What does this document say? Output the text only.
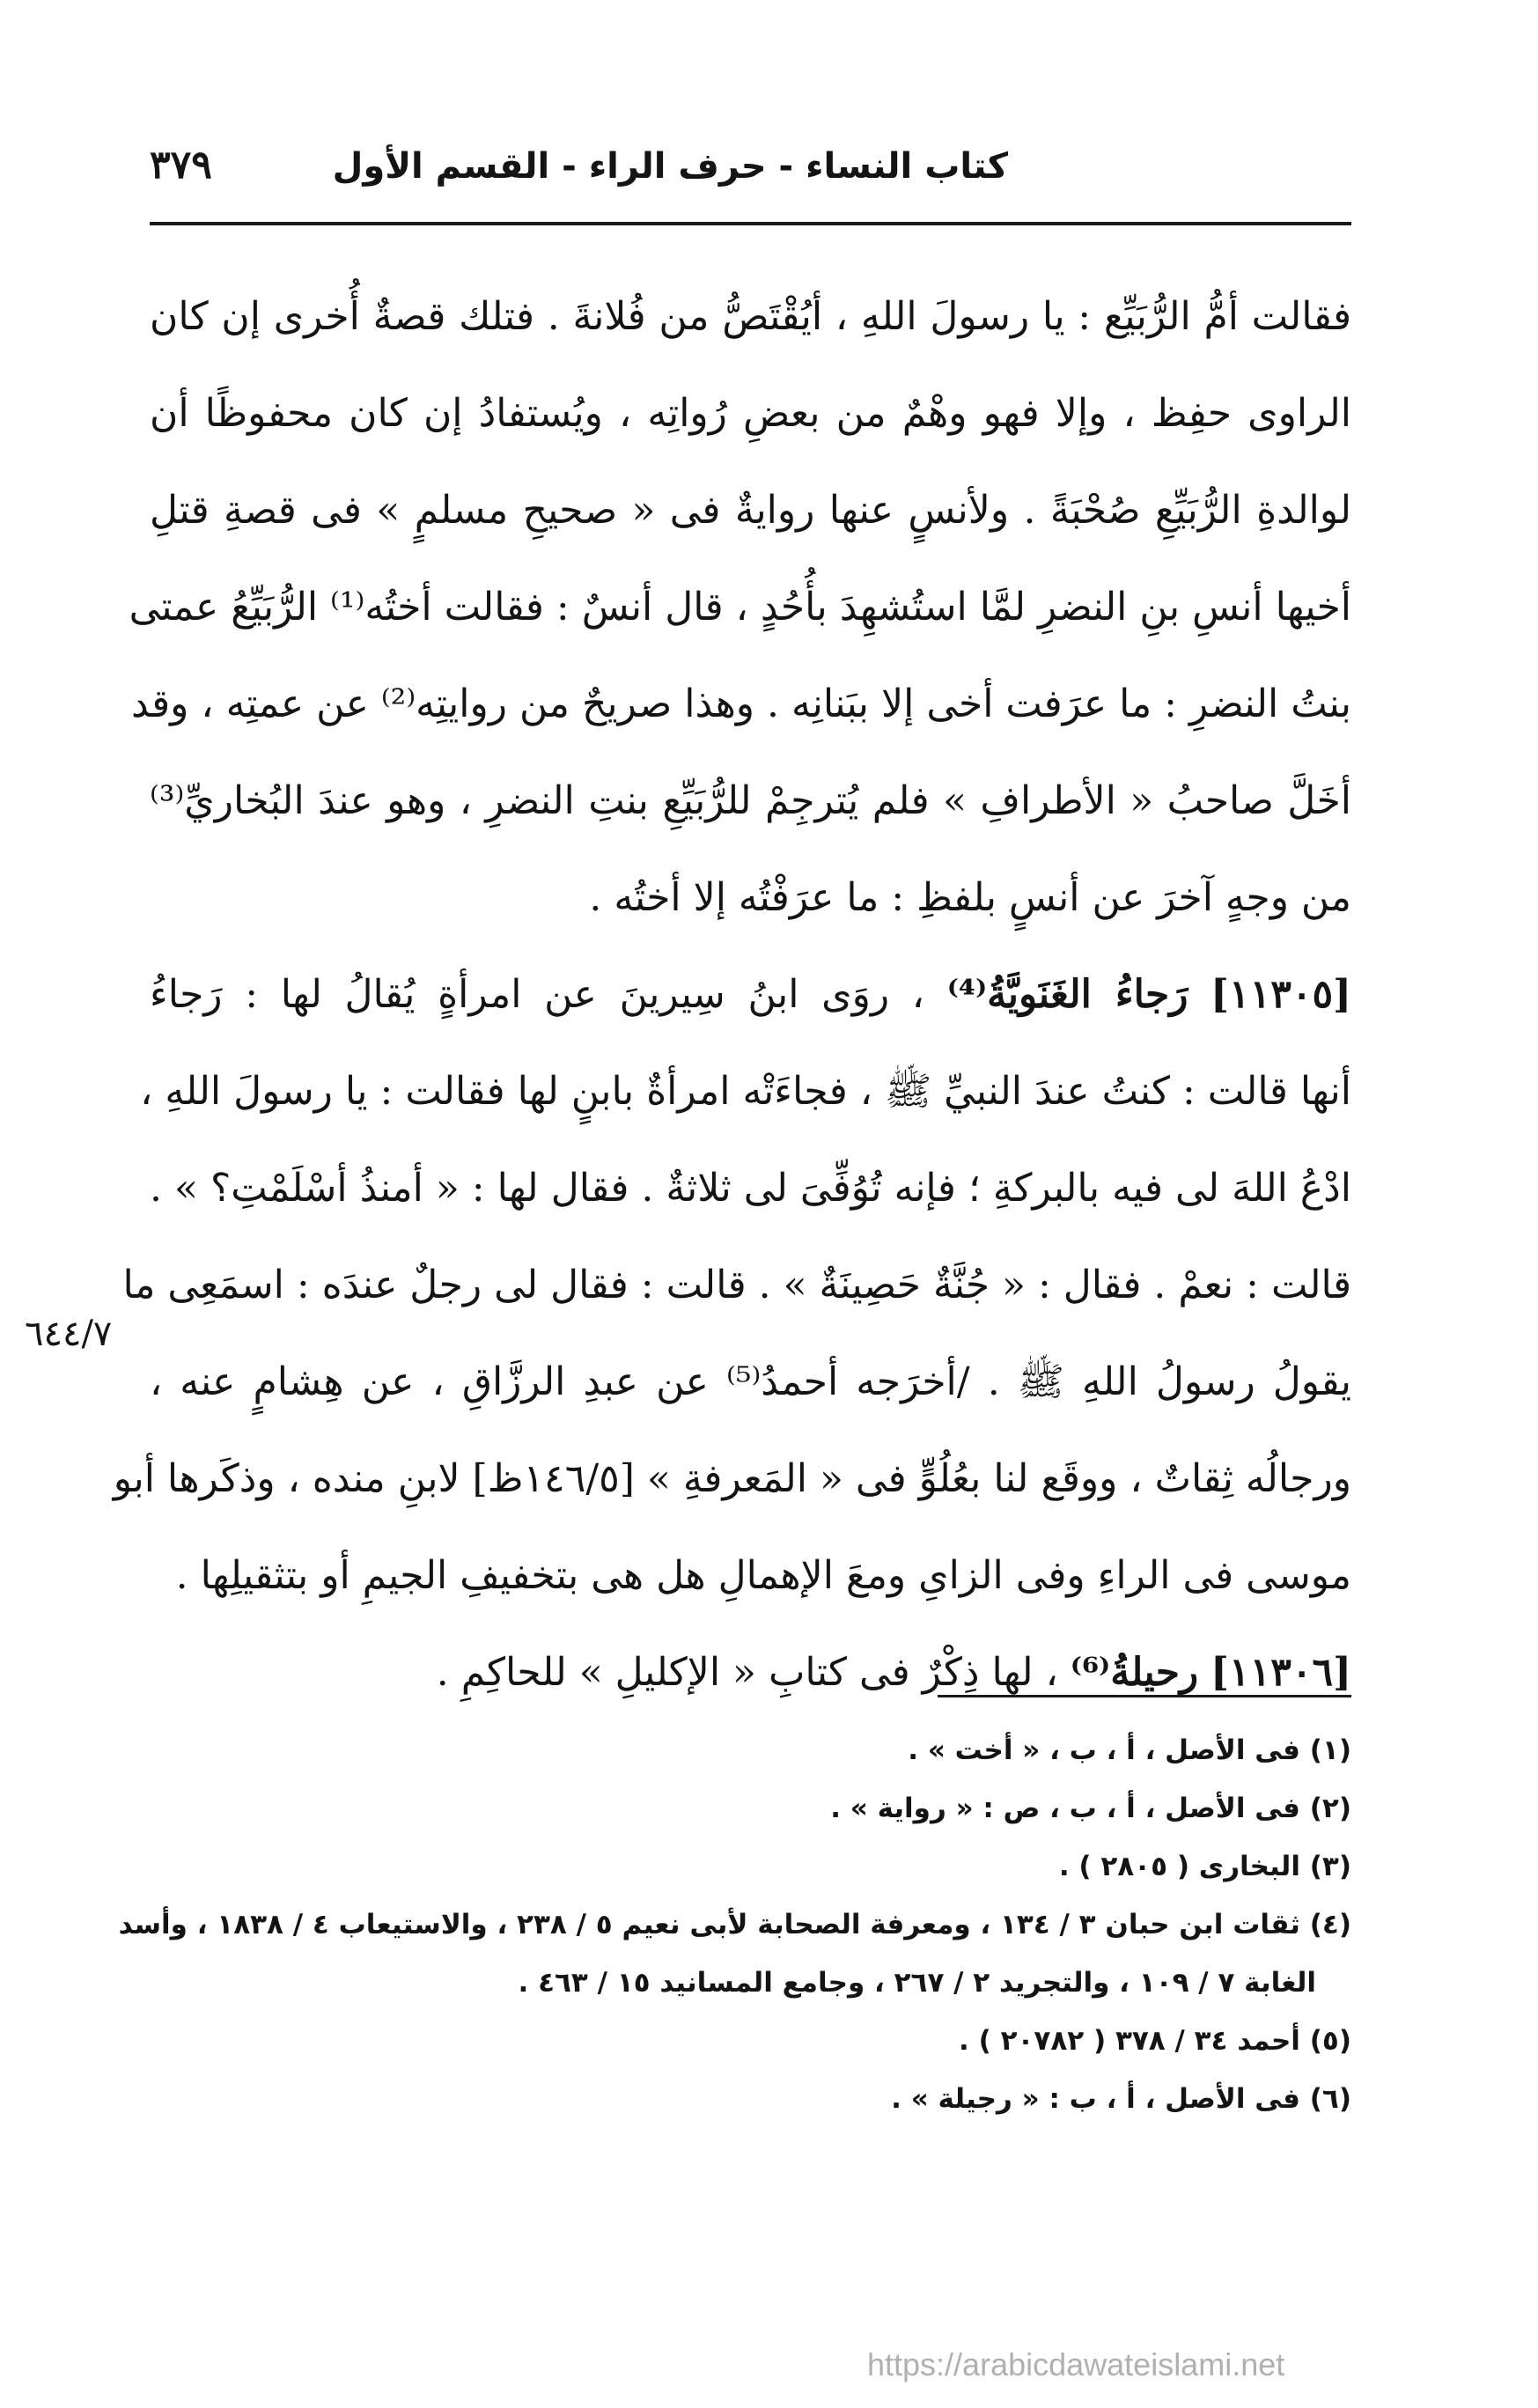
٣٧٩	كتاب النساء - حرف الراء - القسم الأول
فقالت أمُّ الرُّبَيِّع : يا رسولَ اللهِ ، أيُقْتَصُّ من فُلانةَ . فتلك قصةٌ أُخرى إن كان
الراوى حفِظ ، وإلا فهو وهْمٌ من بعضِ رُواتِه ، ويُستفادُ إن كان محفوظًا أن
لوالدةِ الرُّبَيِّعِ صُحْبَةً . ولأنسٍ عنها روايةٌ فى « صحيحِ مسلمٍ » فى قصةِ قتلِ
أخيها أنسِ بنِ النضرِ لمَّا استُشهِدَ بأُحُدٍ ، قال أنسٌ : فقالت أختُه⁽¹⁾ الرُّبَيِّعُ عمتى
بنتُ النضرِ : ما عرَفت أخى إلا ببَنانِه . وهذا صريحٌ من روايتِه⁽²⁾ عن عمتِه ، وقد
أخَلَّ صاحبُ « الأطرافِ » فلم يُترجِمْ للرُّبَيِّعِ بنتِ النضرِ ، وهو عندَ البُخاريِّ⁽³⁾
من وجهٍ آخرَ عن أنسٍ بلفظِ : ما عرَفْتُه إلا أختُه .
[١١٣٠٥] رَجاءُ الغَنَويَّةُ⁽⁴⁾ ، روَى ابنُ سِيرينَ عن امرأةٍ يُقالُ لها : رَجاءُ
أنها قالت : كنتُ عندَ النبيِّ ﷺ ، فجاءَتْه امرأةٌ بابنٍ لها فقالت : يا رسولَ اللهِ ،
ادْعُ اللهَ لى فيه بالبركةِ ؛ فإنه تُوُفِّىَ لى ثلاثةٌ . فقال لها : « أمنذُ أسْلَمْتِ؟ » .
قالت : نعمْ . فقال : « جُنَّةٌ حَصِينَةٌ » . قالت : فقال لى رجلٌ عندَه : اسمَعِى ما
يقولُ رسولُ اللهِ ﷺ . /أخرَجه أحمدُ⁽⁵⁾ عن عبدِ الرزَّاقِ ، عن هِشامٍ عنه ،
ورجالُه ثِقاتٌ ، ووقَع لنا بعُلُوٍّ فى « المَعرفةِ » [١٤٦/٥ظ] لابنِ منده ، وذكَرها أبو
موسى فى الراءِ وفى الزاىِ ومعَ الإهمالِ هل هى بتخفيفِ الجيمِ أو بتثقيلِها .
[١١٣٠٦] رحيلةُ⁽⁶⁾ ، لها ذِكْرٌ فى كتابِ « الإكليلِ » للحاكِمِ .
٦٤٤/٧
(١) فى الأصل ، أ ، ب ، « أخت » .
(٢) فى الأصل ، أ ، ب ، ص : « رواية » .
(٣) البخارى ( ٢٨٠٥ ) .
(٤) ثقات ابن حبان ٣ / ١٣٤ ، ومعرفة الصحابة لأبى نعيم ٥ / ٢٣٨ ، والاستيعاب ٤ / ١٨٣٨ ، وأسد
الغابة ٧ / ١٠٩ ، والتجريد ٢ / ٢٦٧ ، وجامع المسانيد ١٥ / ٤٦٣ .
(٥) أحمد ٣٤ / ٣٧٨ ( ٢٠٧٨٢ ) .
(٦) فى الأصل ، أ ، ب : « رجيلة » .
https://arabicdawateislami.net
